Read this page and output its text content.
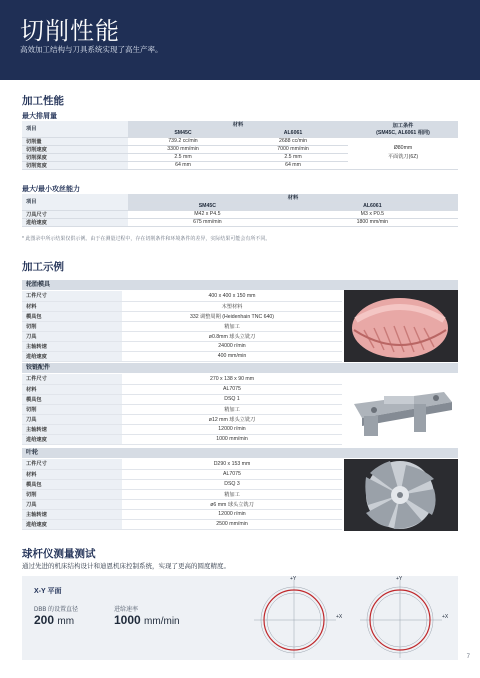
切削性能
高效加工结构与刀具系统实现了高生产率。
加工性能
最大排屑量
项目	材料		加工条件
(SM45C, AL6061 相同)
	SM45C	AL6061	
切削量	739.2 cc/min	2688 cc/min	Ø80mm
平面铣刀(6Z)

切削速度	3300 mm/min	7000 mm/min	
切削深度	2.5 mm	2.5 mm	
切削宽度	64 mm	64 mm	
最大/最小攻丝能力
项目	材料	
	SM45C	AL6061
刀具尺寸	M42 x P4.5	M3 x P0.5
进给速度	675 mm/min	1800 mm/min
* 此图录中所示结果仅供示例。由于在测量过程中，存在切削条件和环境条件的差异，实际结果可能会有所不同。
加工示例
轮胎模具
工件尺寸	400 x 400 x 150 mm
材料	木塑材料
模具包	332 调整周期 (Heidenhain TNC 640)
切削	精加工
刀具	ø0.8mm 球头立铣刀
主轴转速	24000 r/min
进给速度	400 mm/min
铰链配件
工件尺寸	270 x 138 x 90 mm
材料	AL7075
模具包	DSQ 1
切削	精加工
刀具	ø12 mm 球头立铣刀
主轴转速	12000 r/min
进给速度	1000 mm/min
叶轮
工件尺寸	D290 x 153 mm
材料	AL7075
模具包	DSQ 3
切削	精加工
刀具	ø6 mm 球头立铣刀
主轴转速	12000 r/min
进给速度	2500 mm/min
球杆仪测量测试
通过先进的机床结构设计和迪恩机床控制系统，实现了更高的圆度精度。
X-Y 平面
DBB 的设置直径
200 mm
进给速率
1000 mm/min
+Y
+X
+Y
+X
7
